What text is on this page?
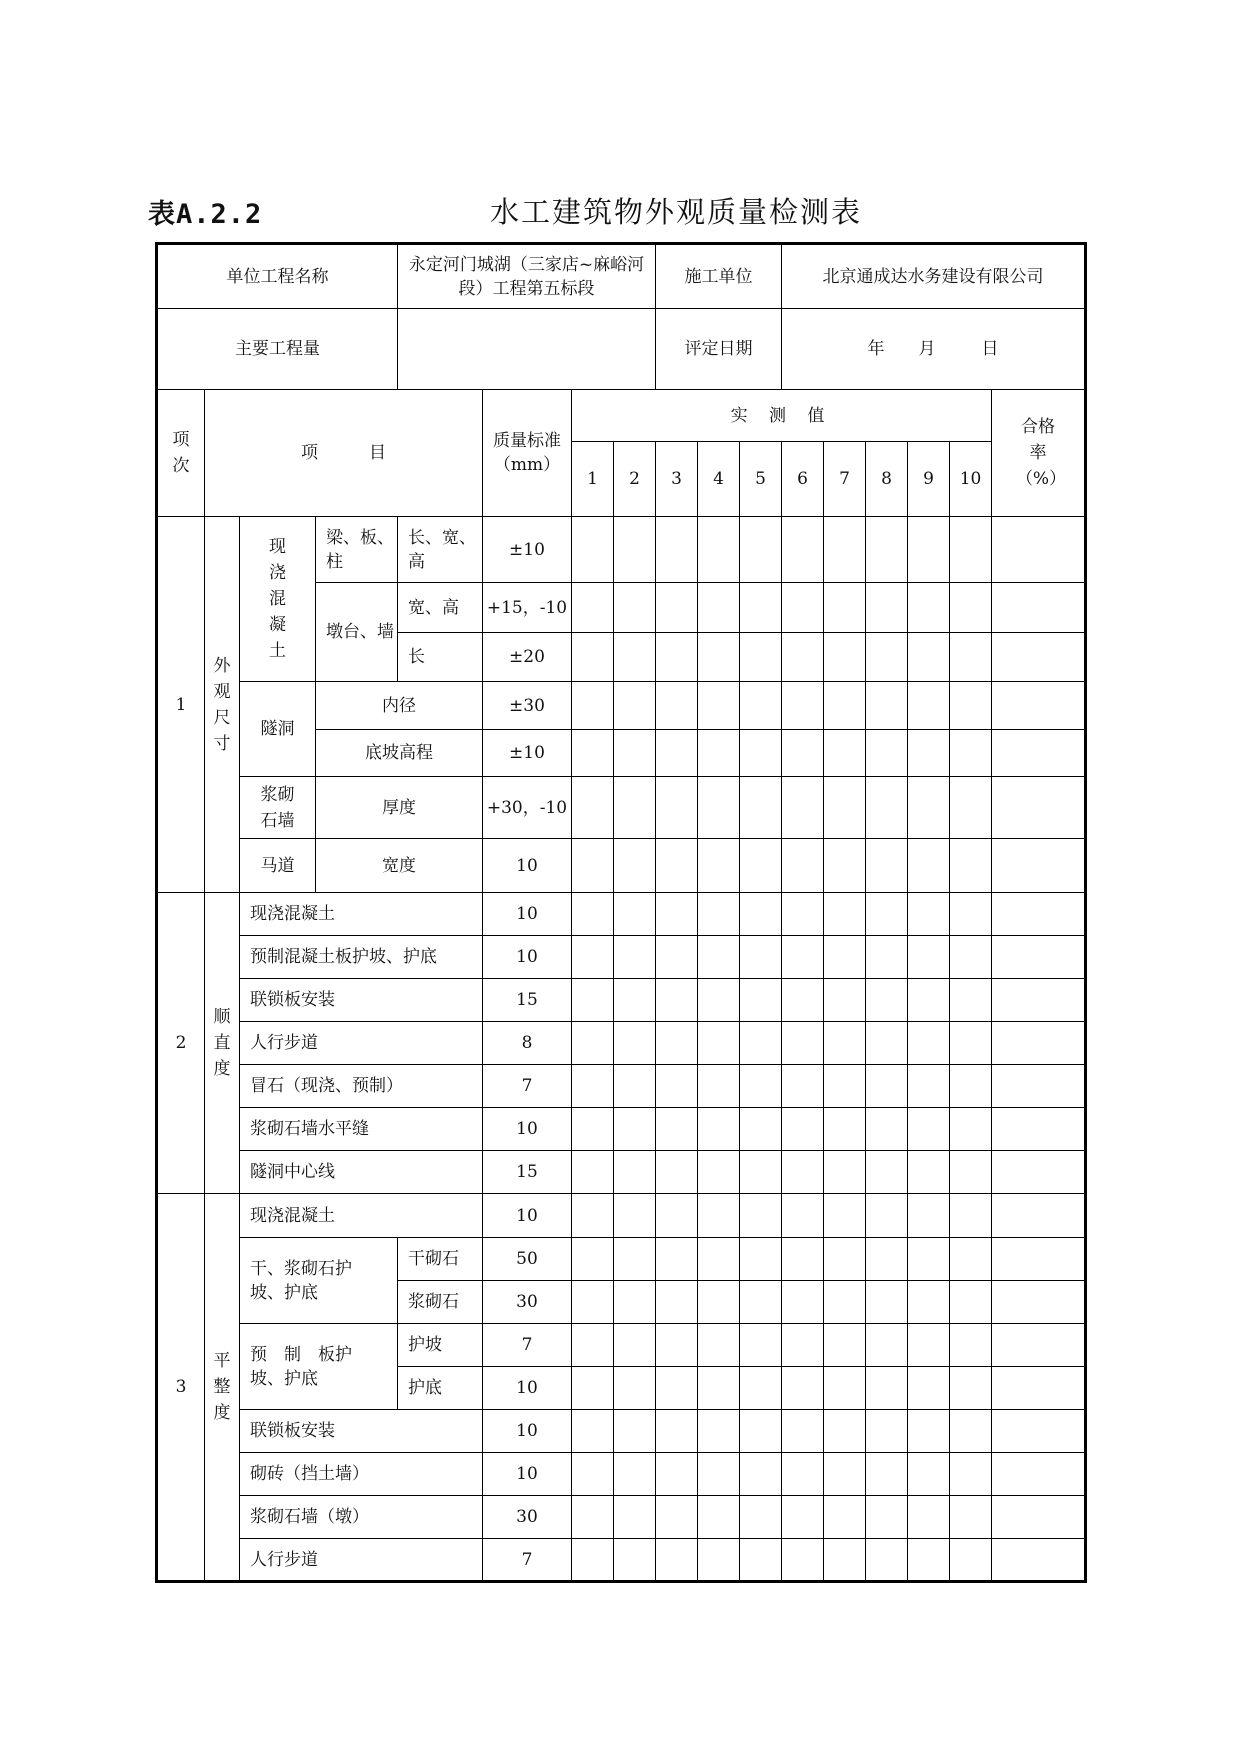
表A.2.2	水工建筑物外观质量检测表
单位工程名称				永定河门城湖（三家店~麻峪河段）工程第五标段				施工单位			北京通成达水务建设有限公司					
主要工程量								评定日期			年 月 日					
项次	项　　　目				质量标准（mm）	实 测 值										合格率（%）
						1	2	3	4	5	6	7	8	9	10	
1	外观尺寸	现浇混凝土	梁、板、柱	长、宽、高	±10											
			墩台、墙	宽、高	+15，-10											
				长	±20											
		隧洞	内径		±30											
			底坡高程		±10											
		浆砌石墙	厚度		+30，-10											
		马道	宽度		10											
2	顺直度	现浇混凝土			10											
		预制混凝土板护坡、护底			10											
		联锁板安装			15											
		人行步道			8											
		冒石（现浇、预制）			7											
		浆砌石墙水平缝			10											
		隧洞中心线			15											
3	平整度	现浇混凝土			10											
		干、浆砌石护坡、护底		干砌石	50											
				浆砌石	30											
		预　制　板护坡、护底		护坡	7											
				护底	10											
		联锁板安装			10											
		砌砖（挡土墙）			10											
		浆砌石墙（墩）			30											
		人行步道			7											
